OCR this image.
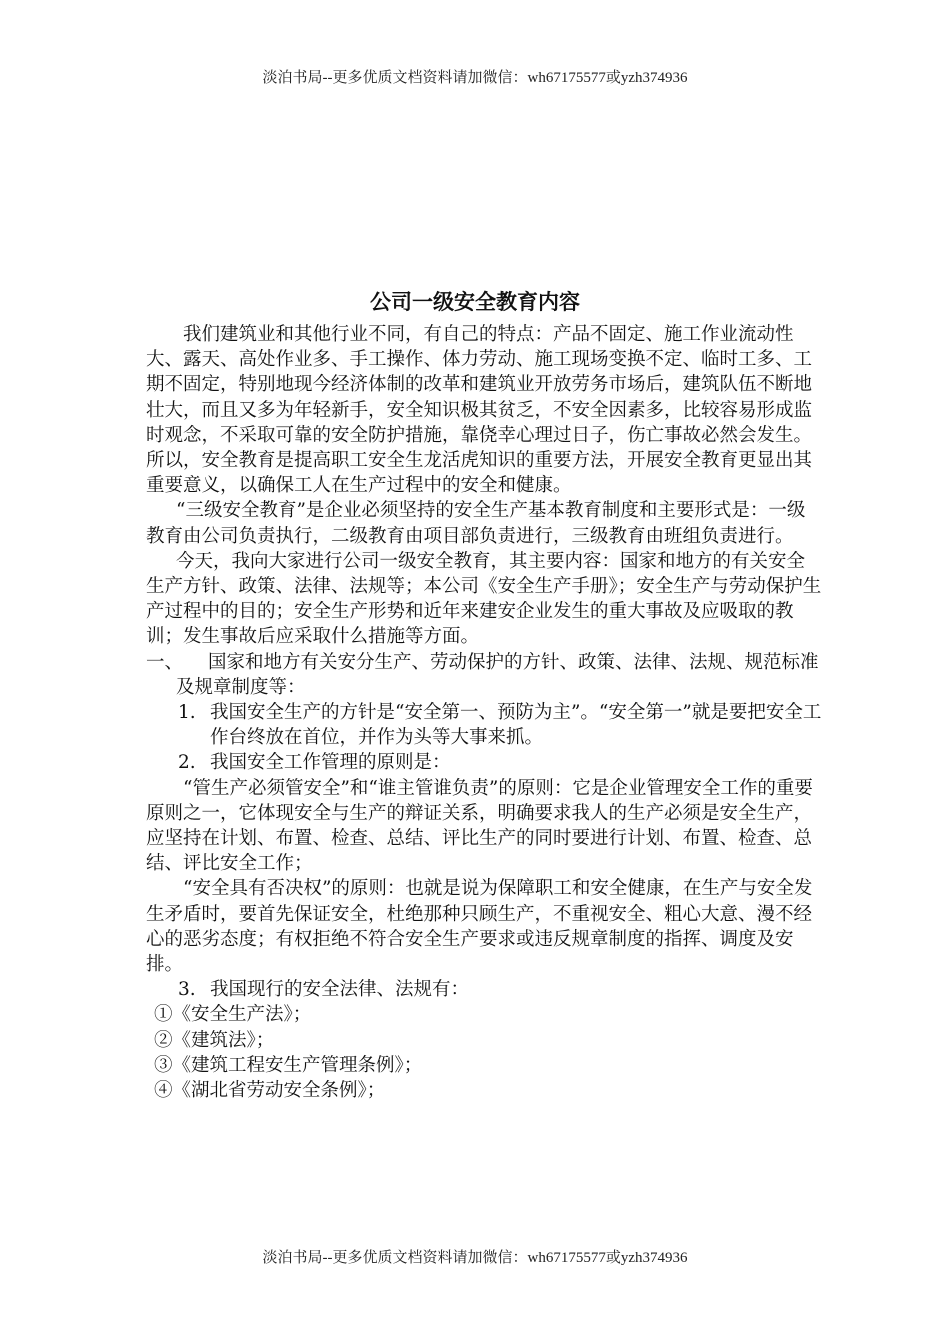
淡泊书局--更多优质文档资料请加微信：wh67175577或yzh374936
公司一级安全教育内容

我们建筑业和其他行业不同，有自己的特点：产品不固定、施工作业流动性大、露天、高处作业多、手工操作、体力劳动、施工现场变换不定、临时工多、工期不固定，特别地现今经济体制的改革和建筑业开放劳务市场后，建筑队伍不断地壮大，而且又多为年轻新手，安全知识极其贫乏，不安全因素多，比较容易形成监时观念，不采取可靠的安全防护措施，靠侥幸心理过日子，伤亡事故必然会发生。所以，安全教育是提高职工安全生龙活虎知识的重要方法，开展安全教育更显出其重要意义，以确保工人在生产过程中的安全和健康。

“三级安全教育”是企业必须坚持的安全生产基本教育制度和主要形式是：一级教育由公司负责执行，二级教育由项目部负责进行，三级教育由班组负责进行。

今天，我向大家进行公司一级安全教育，其主要内容：国家和地方的有关安全生产方针、政策、法律、法规等；本公司《安全生产手册》；安全生产与劳动保护生产过程中的目的；安全生产形势和近年来建安企业发生的重大事故及应吸取的教训；发生事故后应采取什么措施等方面。

一、 国家和地方有关安分生产、劳动保护的方针、政策、法律、法规、规范标准及规章制度等：

1. 我国安全生产的方针是“安全第一、预防为主”。“安全第一”就是要把安全工作台终放在首位，并作为头等大事来抓。

2. 我国安全工作管理的原则是：

“管生产必须管安全”和“谁主管谁负责”的原则：它是企业管理安全工作的重要原则之一，它体现安全与生产的辩证关系，明确要求我人的生产必须是安全生产，应坚持在计划、布置、检查、总结、评比生产的同时要进行计划、布置、检查、总结、评比安全工作；

“安全具有否决权”的原则：也就是说为保障职工和安全健康，在生产与安全发生矛盾时，要首先保证安全，杜绝那种只顾生产，不重视安全、粗心大意、漫不经心的恶劣态度；有权拒绝不符合安全生产要求或违反规章制度的指挥、调度及安排。

3. 我国现行的安全法律、法规有：

①《安全生产法》；

②《建筑法》；

③《建筑工程安生产管理条例》；

④《湖北省劳动安全条例》；

淡泊书局--更多优质文档资料请加微信：wh67175577或yzh374936
